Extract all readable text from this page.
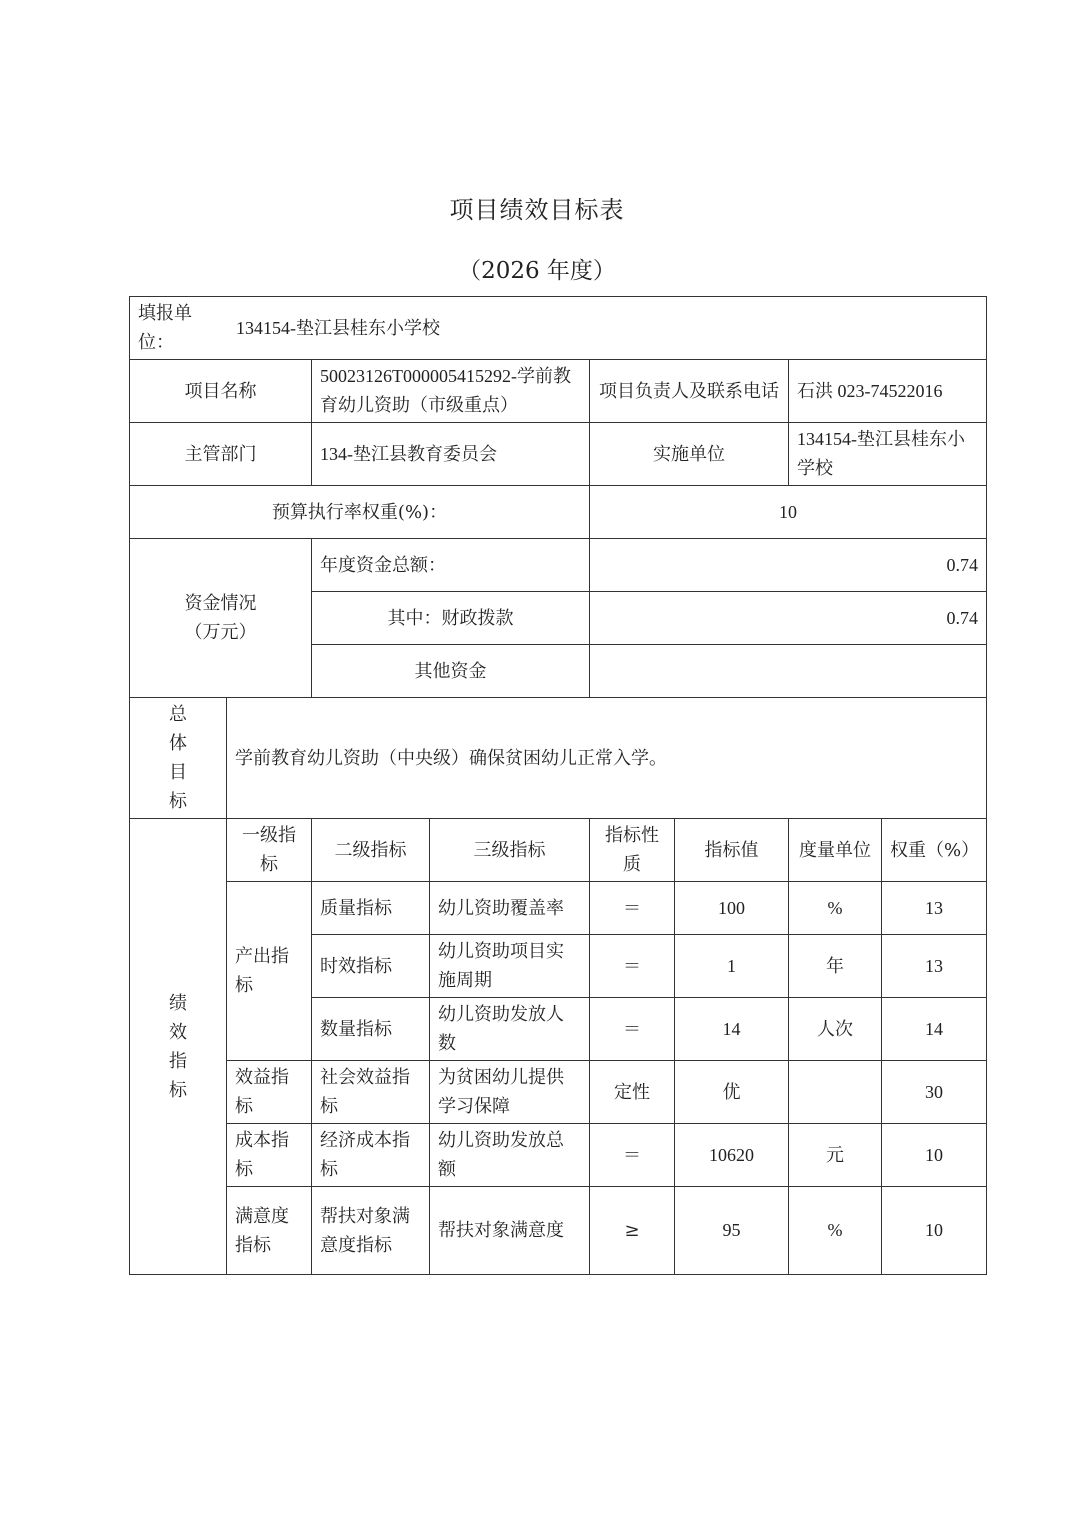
项目绩效目标表
（2026 年度）
填报单位：
134154-垫江县桂东小学校							

项目名称		50023126T000005415292-学前教育幼儿资助（市级重点）		项目负责人及联系电话		石洪 023-74522016	
主管部门		134-垫江县教育委员会		实施单位		134154-垫江县桂东小学校	
预算执行率权重(%)：				10			

资金情况（万元）		年度资金总额：		0.74			
		其中：财政拨款		0.74			
		其他资金					

总体目标	学前教育幼儿资助（中央级）确保贫困幼儿正常入学。						

绩效指标	一级指标	二级指标	三级指标	指标性质	指标值	度量单位	权重（%）
	产出指标	质量指标	幼儿资助覆盖率	＝	100	%	13
		时效指标	幼儿资助项目实施周期	＝	1	年	13
		数量指标	幼儿资助发放人数	＝	14	人次	14
	效益指标	社会效益指标	为贫困幼儿提供学习保障	定性	优		30
	成本指标	经济成本指标	幼儿资助发放总额	＝	10620	元	10
	满意度指标	帮扶对象满意度指标	帮扶对象满意度	≥	95	%	10
